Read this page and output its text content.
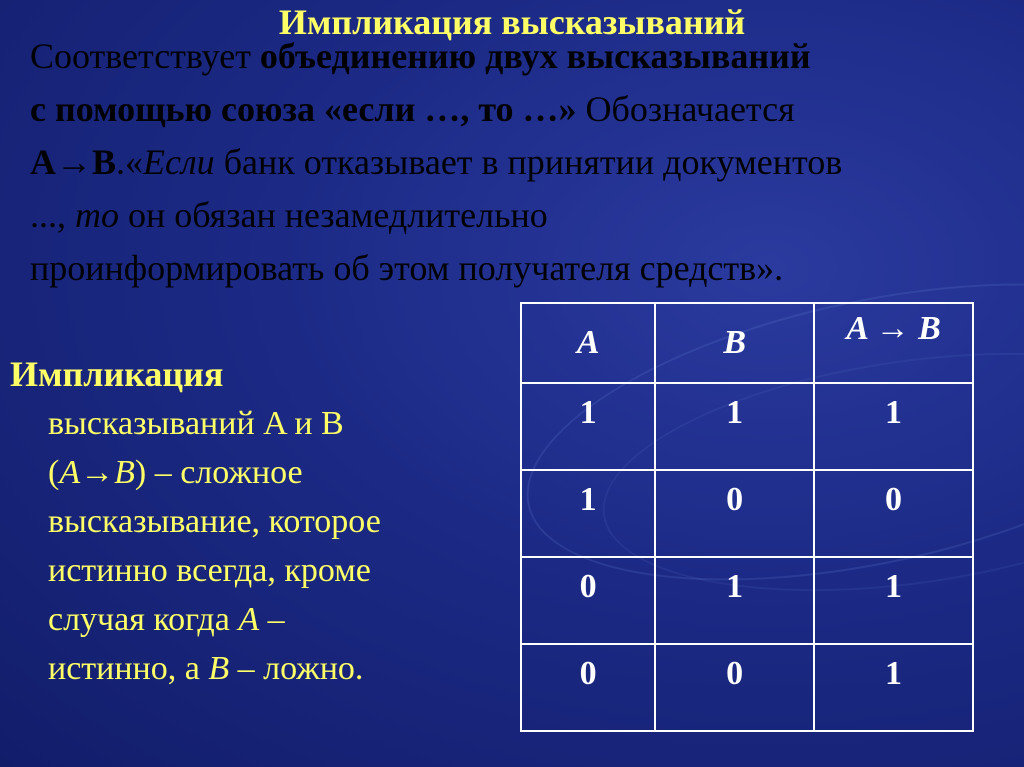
Импликация высказываний
Соответствует объединению двух высказываний
с помощью союза «если …, то …» Обозначается
A→B.«Если банк отказывает в принятии документов
..., то он обязан незамедлительно
проинформировать об этом получателя средств».
Импликация
высказываний A и B
(A→B) – сложное
высказывание, которое
истинно всегда, кроме
случая когда A –
истинно, а B – ложно.
A	B	A → B
1	1	1
1	0	0
0	1	1
0	0	1
